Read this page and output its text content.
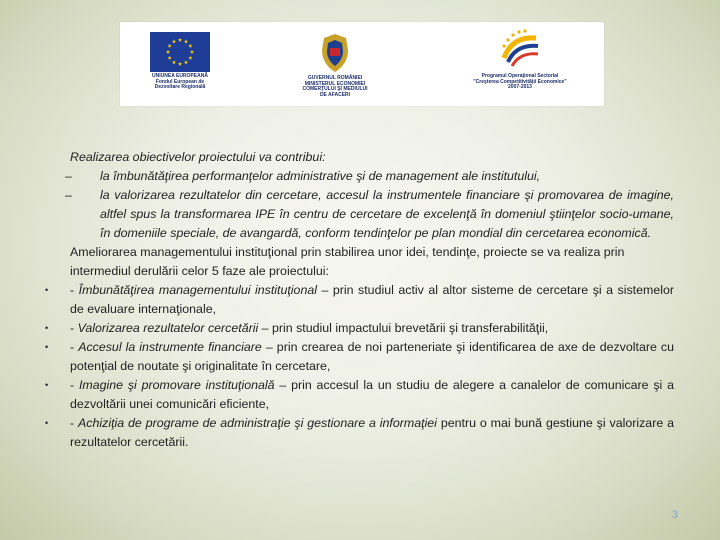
UNIUNEA EUROPEANĂ
Fondul European de
Dezvoltare Regională
GUVERNUL ROMÂNIEI
MINISTERUL ECONOMIEI
COMERŢULUI ŞI MEDIULUI
DE AFACERI
Programul Operaţional Sectorial
"Creşterea Competitivităţii Economice"
2007-2013

Realizarea obiectivelor proiectului va contribui:

– la îmbunătăţirea performanţelor administrative şi de management ale institutului,
– la valorizarea rezultatelor din cercetare, accesul la instrumentele financiare şi promovarea de imagine, altfel spus la transformarea IPE în centru de cercetare de excelenţă în domeniul ştiinţelor socio-umane, în domeniile speciale, de avangardă, conform tendinţelor pe plan mondial din cercetarea economică.

Ameliorarea managementului instituţional prin stabilirea unor idei, tendinţe, proiecte se va realiza prin intermediul derulării celor 5 faze ale proiectului:

• - Îmbunătăţirea managementului instituţional – prin studiul activ al altor sisteme de cercetare şi a sistemelor de evaluare internaţionale,
• - Valorizarea rezultatelor cercetării – prin studiul impactului brevetării şi transferabilităţii,
• - Accesul la instrumente financiare – prin crearea de noi parteneriate şi identificarea de axe de dezvoltare cu potenţial de noutate şi originalitate în cercetare,
• - Imagine şi promovare instituţională – prin accesul la un studiu de alegere a canalelor de comunicare şi a dezvoltării unei comunicări eficiente,
• - Achiziţia de programe de administraţie şi gestionare a informaţiei pentru o mai bună gestiune şi valorizare a rezultatelor cercetării.
3
